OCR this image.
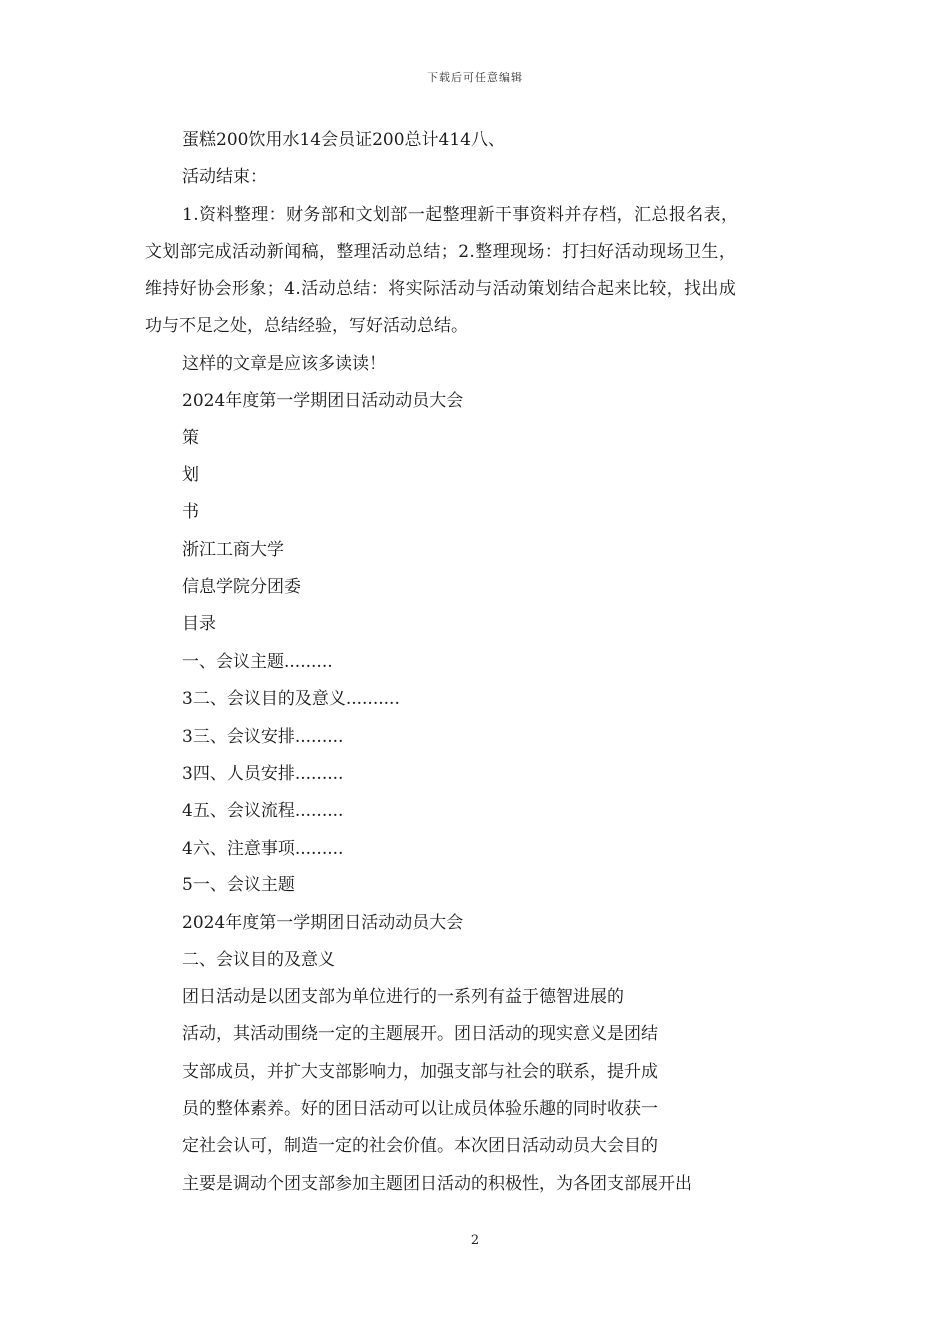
下载后可任意编辑
蛋糕200饮用水14会员证200总计414八、
活动结束：
1.资料整理：财务部和文划部一起整理新干事资料并存档，汇总报名表，
文划部完成活动新闻稿，整理活动总结；2.整理现场：打扫好活动现场卫生，
维持好协会形象；4.活动总结：将实际活动与活动策划结合起来比较，找出成
功与不足之处，总结经验，写好活动总结。
这样的文章是应该多读读！
2024年度第一学期团日活动动员大会
策
划
书
浙江工商大学
信息学院分团委
目录
一、会议主题.........
3二、会议目的及意义..........
3三、会议安排.........
3四、人员安排.........
4五、会议流程.........
4六、注意事项.........
5一、会议主题
2024年度第一学期团日活动动员大会
二、会议目的及意义
团日活动是以团支部为单位进行的一系列有益于德智进展的
活动，其活动围绕一定的主题展开。团日活动的现实意义是团结
支部成员，并扩大支部影响力，加强支部与社会的联系，提升成
员的整体素养。好的团日活动可以让成员体验乐趣的同时收获一
定社会认可，制造一定的社会价值。本次团日活动动员大会目的
主要是调动个团支部参加主题团日活动的积极性，为各团支部展开出
2
